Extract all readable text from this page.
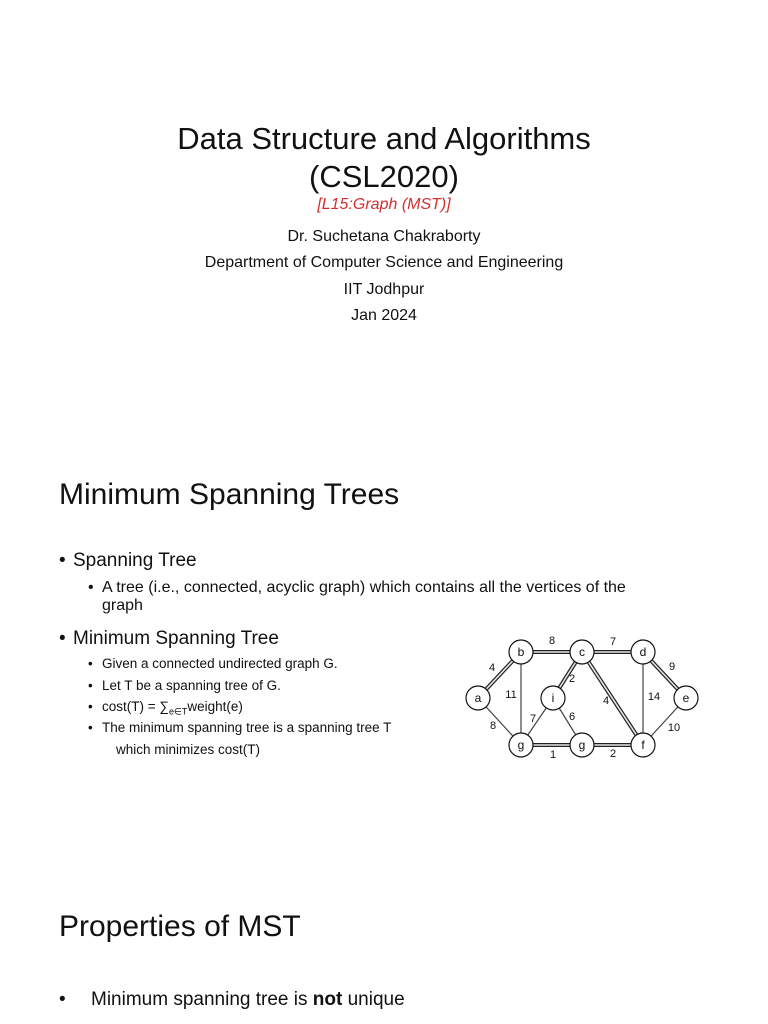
Data Structure and Algorithms
(CSL2020)
[L15:Graph (MST)]
Dr. Suchetana Chakraborty
Department of Computer Science and Engineering
IIT Jodhpur
Jan 2024
Minimum Spanning Trees
• Spanning Tree
• A tree (i.e., connected, acyclic graph) which contains all the vertices of the
graph
• Minimum Spanning Tree
• Given a connected undirected graph G.
• Let T be a spanning tree of G.
• $\cos t(T) = \sum_{e\in T}weight(e)$
• The minimum spanning tree is a spanning tree T
which minimizes cost(T)
4
8
8
11
7
2
4
9
14
10
7	6
1	2
a
b	c	d
e
i
g	g	f
Properties of MST
• Minimum spanning tree is not unique
